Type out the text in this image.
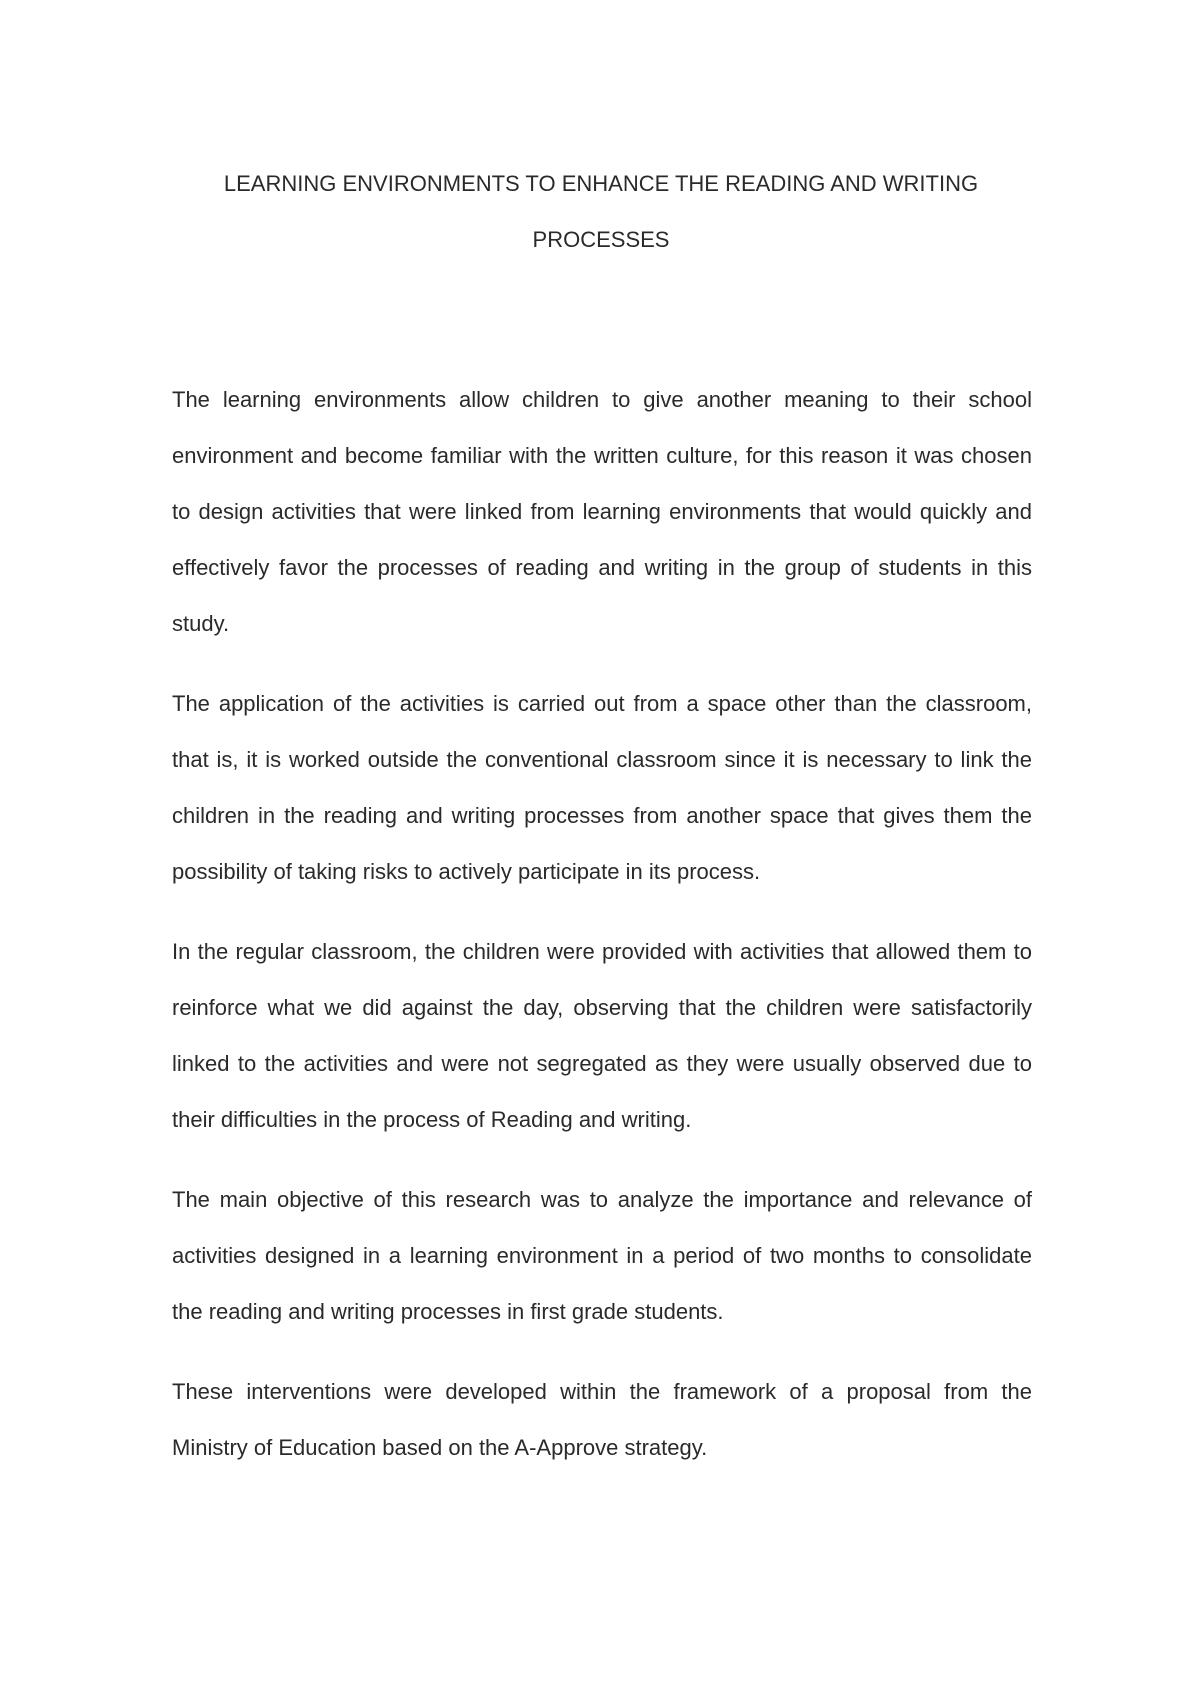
LEARNING ENVIRONMENTS TO ENHANCE THE READING AND WRITING
PROCESSES

The learning environments allow children to give another meaning to their school environment and become familiar with the written culture, for this reason it was chosen to design activities that were linked from learning environments that would quickly and effectively favor the processes of reading and writing in the group of students in this study.

The application of the activities is carried out from a space other than the classroom, that is, it is worked outside the conventional classroom since it is necessary to link the children in the reading and writing processes from another space that gives them the possibility of taking risks to actively participate in its process.

In the regular classroom, the children were provided with activities that allowed them to reinforce what we did against the day, observing that the children were satisfactorily linked to the activities and were not segregated as they were usually observed due to their difficulties in the process of Reading and writing.

The main objective of this research was to analyze the importance and relevance of activities designed in a learning environment in a period of two months to consolidate the reading and writing processes in first grade students.

These interventions were developed within the framework of a proposal from the Ministry of Education based on the A-Approve strategy.
